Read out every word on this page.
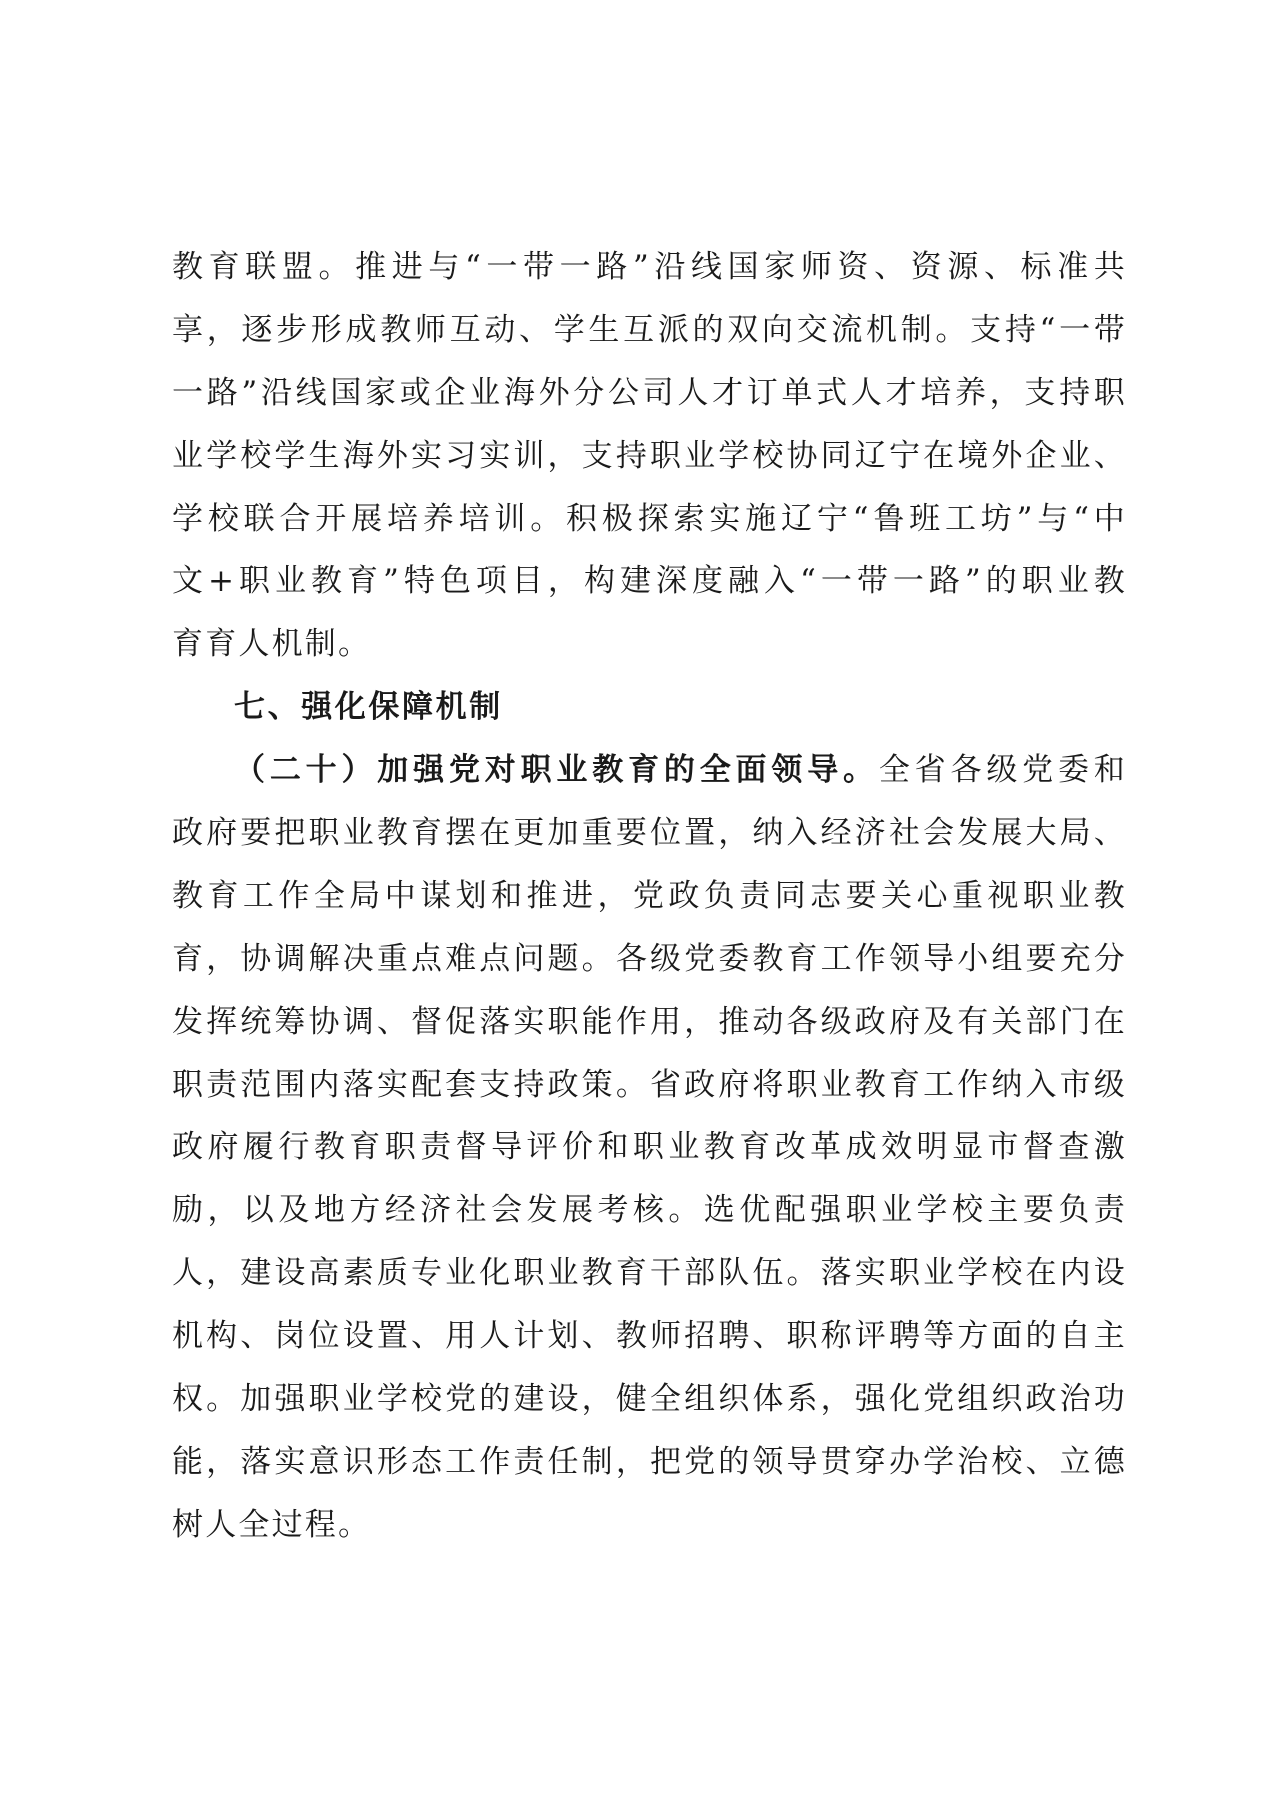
教育联盟。推进与“一带一路”沿线国家师资、资源、标准共
享，逐步形成教师互动、学生互派的双向交流机制。支持“一带
一路”沿线国家或企业海外分公司人才订单式人才培养，支持职
业学校学生海外实习实训，支持职业学校协同辽宁在境外企业、
学校联合开展培养培训。积极探索实施辽宁“鲁班工坊”与“中
文+职业教育”特色项目，构建深度融入“一带一路”的职业教
育育人机制。
七、强化保障机制
（二十）加强党对职业教育的全面领导。全省各级党委和
政府要把职业教育摆在更加重要位置，纳入经济社会发展大局、
教育工作全局中谋划和推进，党政负责同志要关心重视职业教
育，协调解决重点难点问题。各级党委教育工作领导小组要充分
发挥统筹协调、督促落实职能作用，推动各级政府及有关部门在
职责范围内落实配套支持政策。省政府将职业教育工作纳入市级
政府履行教育职责督导评价和职业教育改革成效明显市督查激
励，以及地方经济社会发展考核。选优配强职业学校主要负责
人，建设高素质专业化职业教育干部队伍。落实职业学校在内设
机构、岗位设置、用人计划、教师招聘、职称评聘等方面的自主
权。加强职业学校党的建设，健全组织体系，强化党组织政治功
能，落实意识形态工作责任制，把党的领导贯穿办学治校、立德
树人全过程。
